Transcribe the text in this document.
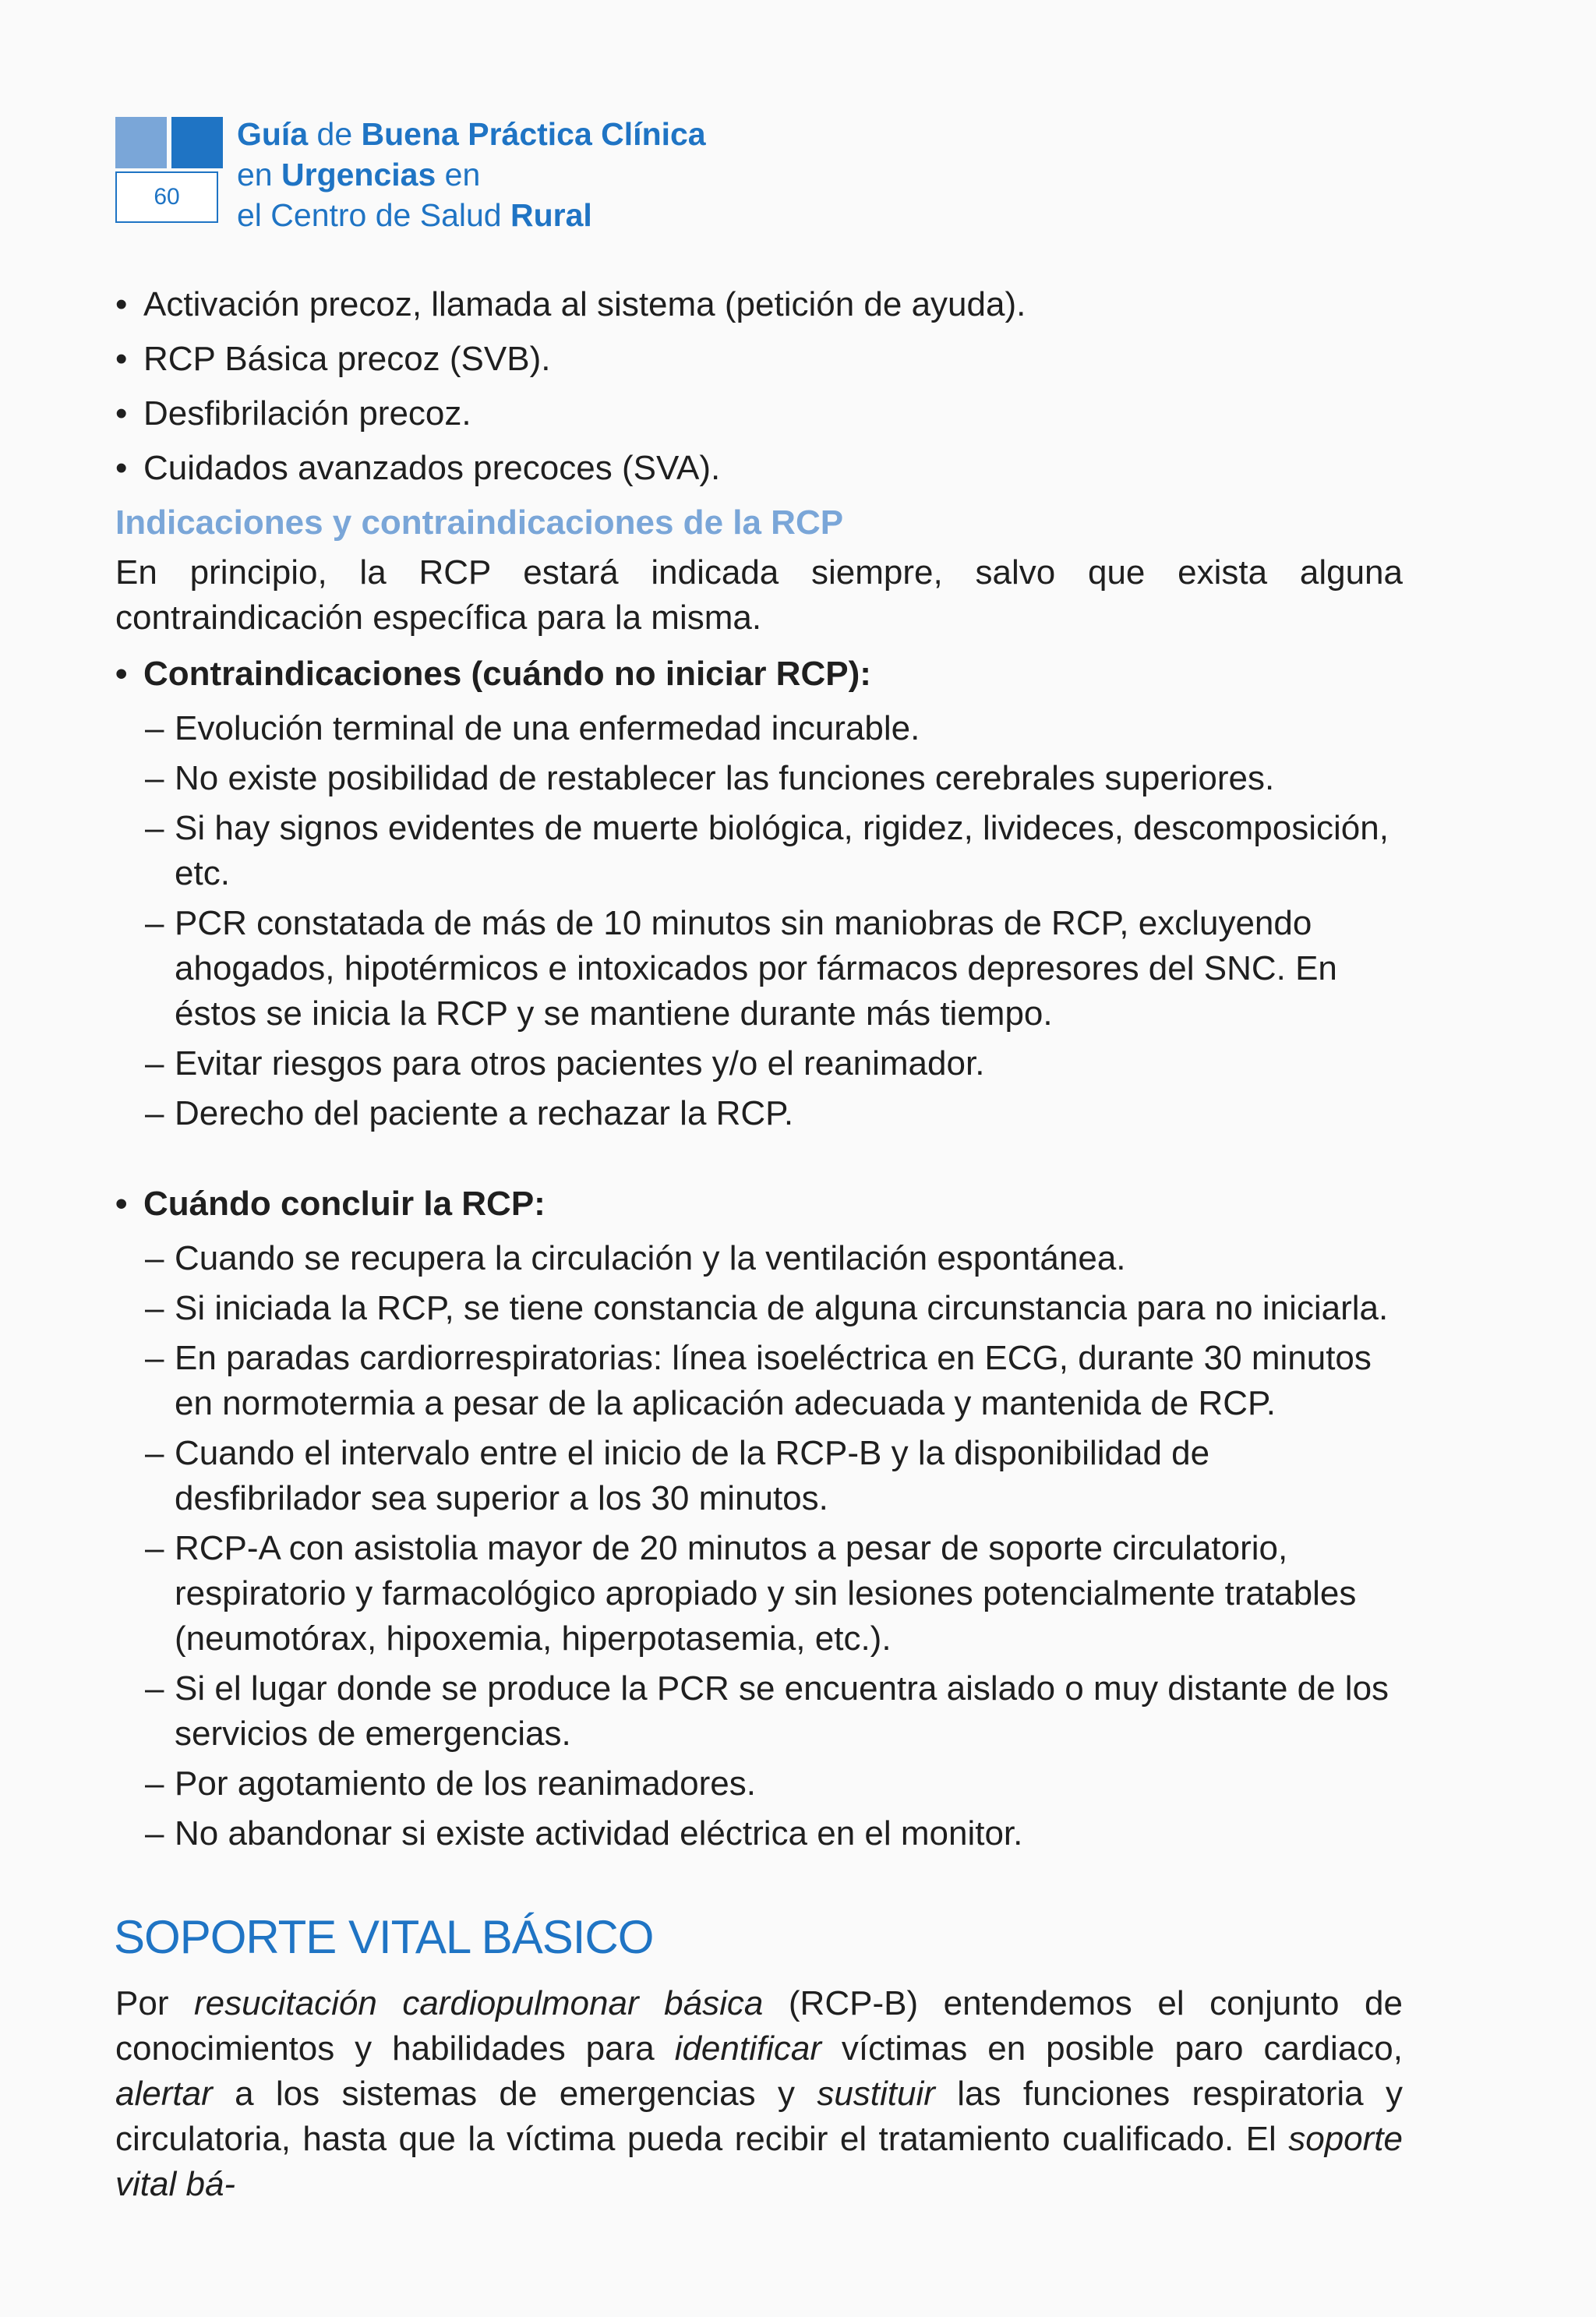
60
Guía de Buena Práctica Clínica
en Urgencias en
el Centro de Salud Rural

• Activación precoz, llamada al sistema (petición de ayuda).

• RCP Básica precoz (SVB).

• Desfibrilación precoz.

• Cuidados avanzados precoces (SVA).

Indicaciones y contraindicaciones de la RCP

En principio, la RCP estará indicada siempre, salvo que exista alguna contraindicación específica para la misma.

• Contraindicaciones (cuándo no iniciar RCP):

– Evolución terminal de una enfermedad incurable.

– No existe posibilidad de restablecer las funciones cerebrales superiores.

– Si hay signos evidentes de muerte biológica, rigidez, livideces, descomposición, etc.

– PCR constatada de más de 10 minutos sin maniobras de RCP, excluyendo ahogados, hipotérmicos e intoxicados por fármacos depresores del SNC. En éstos se inicia la RCP y se mantiene durante más tiempo.

– Evitar riesgos para otros pacientes y/o el reanimador.

– Derecho del paciente a rechazar la RCP.

• Cuándo concluir la RCP:

– Cuando se recupera la circulación y la ventilación espontánea.

– Si iniciada la RCP, se tiene constancia de alguna circunstancia para no iniciarla.

– En paradas cardiorrespiratorias: línea isoeléctrica en ECG, durante 30 minutos en normotermia a pesar de la aplicación adecuada y mantenida de RCP.

– Cuando el intervalo entre el inicio de la RCP-B y la disponibilidad de desfibrilador sea superior a los 30 minutos.

– RCP-A con asistolia mayor de 20 minutos a pesar de soporte circulatorio, respiratorio y farmacológico apropiado y sin lesiones potencialmente tratables (neumotórax, hipoxemia, hiperpotasemia, etc.).

– Si el lugar donde se produce la PCR se encuentra aislado o muy distante de los servicios de emergencias.

– Por agotamiento de los reanimadores.

– No abandonar si existe actividad eléctrica en el monitor.

SOPORTE VITAL BÁSICO

Por resucitación cardiopulmonar básica (RCP-B) entendemos el conjunto de conocimientos y habilidades para identificar víctimas en posible paro cardiaco, alertar a los sistemas de emergencias y sustituir las funciones respiratoria y circulatoria, hasta que la víctima pueda recibir el tratamiento cualificado. El soporte vital bá-
